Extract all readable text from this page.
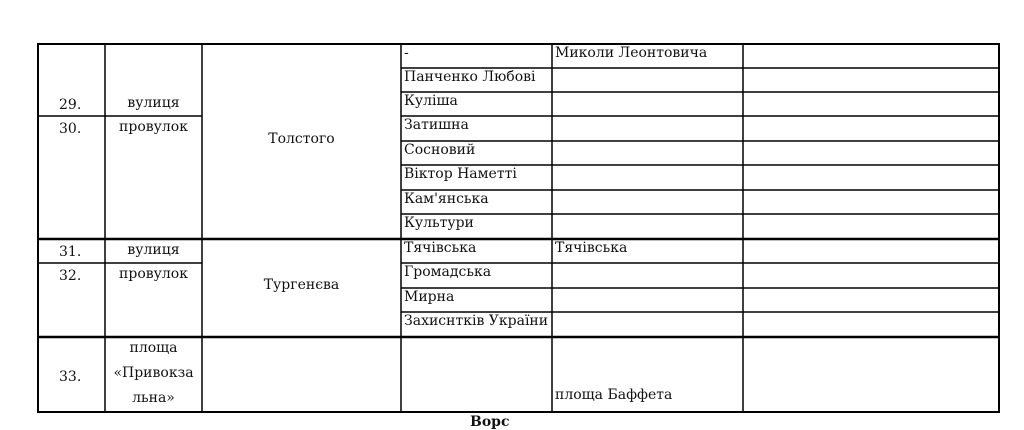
29.
30.
31.
32.
33.
вулиця
провулок
вулиця
провулок
площа
«Привокза
льна»
Толстого
Тургенєва
-
Панченко Любові
Куліша
Затишна
Сосновий
Віктор Наметті
Кам'янська
Культури
Тячівська
Громадська
Мирна
Захиснтків України
Миколи Леонтовича
Тячівська
площа Баффета
Ворс
